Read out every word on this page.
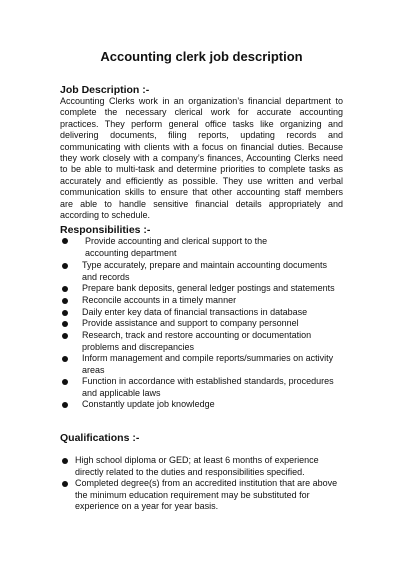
Accounting clerk job description
Job Description :-
Accounting Clerks work in an organization’s financial department to complete the necessary clerical work for accurate accounting practices. They perform general office tasks like organizing and delivering documents, filing reports, updating records and communicating with clients with a focus on financial duties. Because they work closely with a company’s finances, Accounting Clerks need to be able to multi-task and determine priorities to complete tasks as accurately and efficiently as possible. They use written and verbal communication skills to ensure that other accounting staff members are able to handle sensitive financial details appropriately and according to schedule.
Responsibilities :-
Provide accounting and clerical support to the accounting department
Type accurately, prepare and maintain accounting documents and records
Prepare bank deposits, general ledger postings and statements
Reconcile accounts in a timely manner
Daily enter key data of financial transactions in database
Provide assistance and support to company personnel
Research, track and restore accounting or documentation problems and discrepancies
Inform management and compile reports/summaries on activity areas
Function in accordance with established standards, procedures and applicable laws
Constantly update job knowledge
Qualifications :-
High school diploma or GED; at least 6 months of experience directly related to the duties and responsibilities specified.
Completed degree(s) from an accredited institution that are above the minimum education requirement may be substituted for experience on a year for year basis.
